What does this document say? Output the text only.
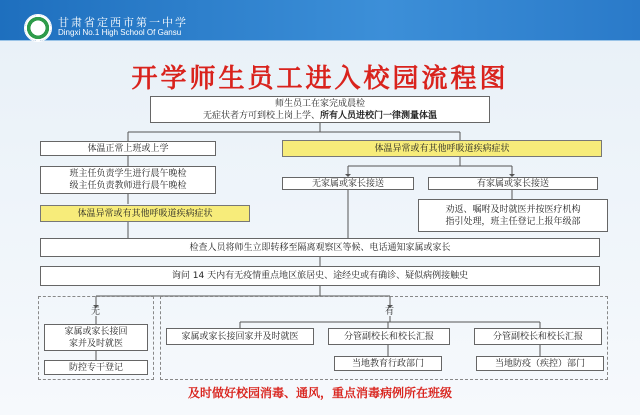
甘肃省定西市第一中学
Dingxi No.1 High School Of Gansu
开学师生员工进入校园流程图
师生员工在家完成晨检
无症状者方可到校上岗上学、所有人员进校门一律测量体温
体温正常上班或上学
班主任负责学生进行晨午晚检
级主任负责教师进行晨午晚检
体温异常或有其他呼吸道疾病症状
体温异常或有其他呼吸道疾病症状
无家属或家长接送	有家属或家长接送
劝返、嘱咐及时就医并按医疗机构
指引处理，班主任登记上报年级部
检查人员将师生立即转移至隔离观察区等候、电话通知家属或家长
询问 14 天内有无疫情重点地区旅居史、途经史或有确诊、疑似病例接触史
无	有
家属或家长接回
家并及时就医
防控专干登记
家属或家长接回家并及时就医	分管副校长和校长汇报	分管副校长和校长汇报
当地教育行政部门	当地防疫（疾控）部门
及时做好校园消毒、通风，重点消毒病例所在班级
